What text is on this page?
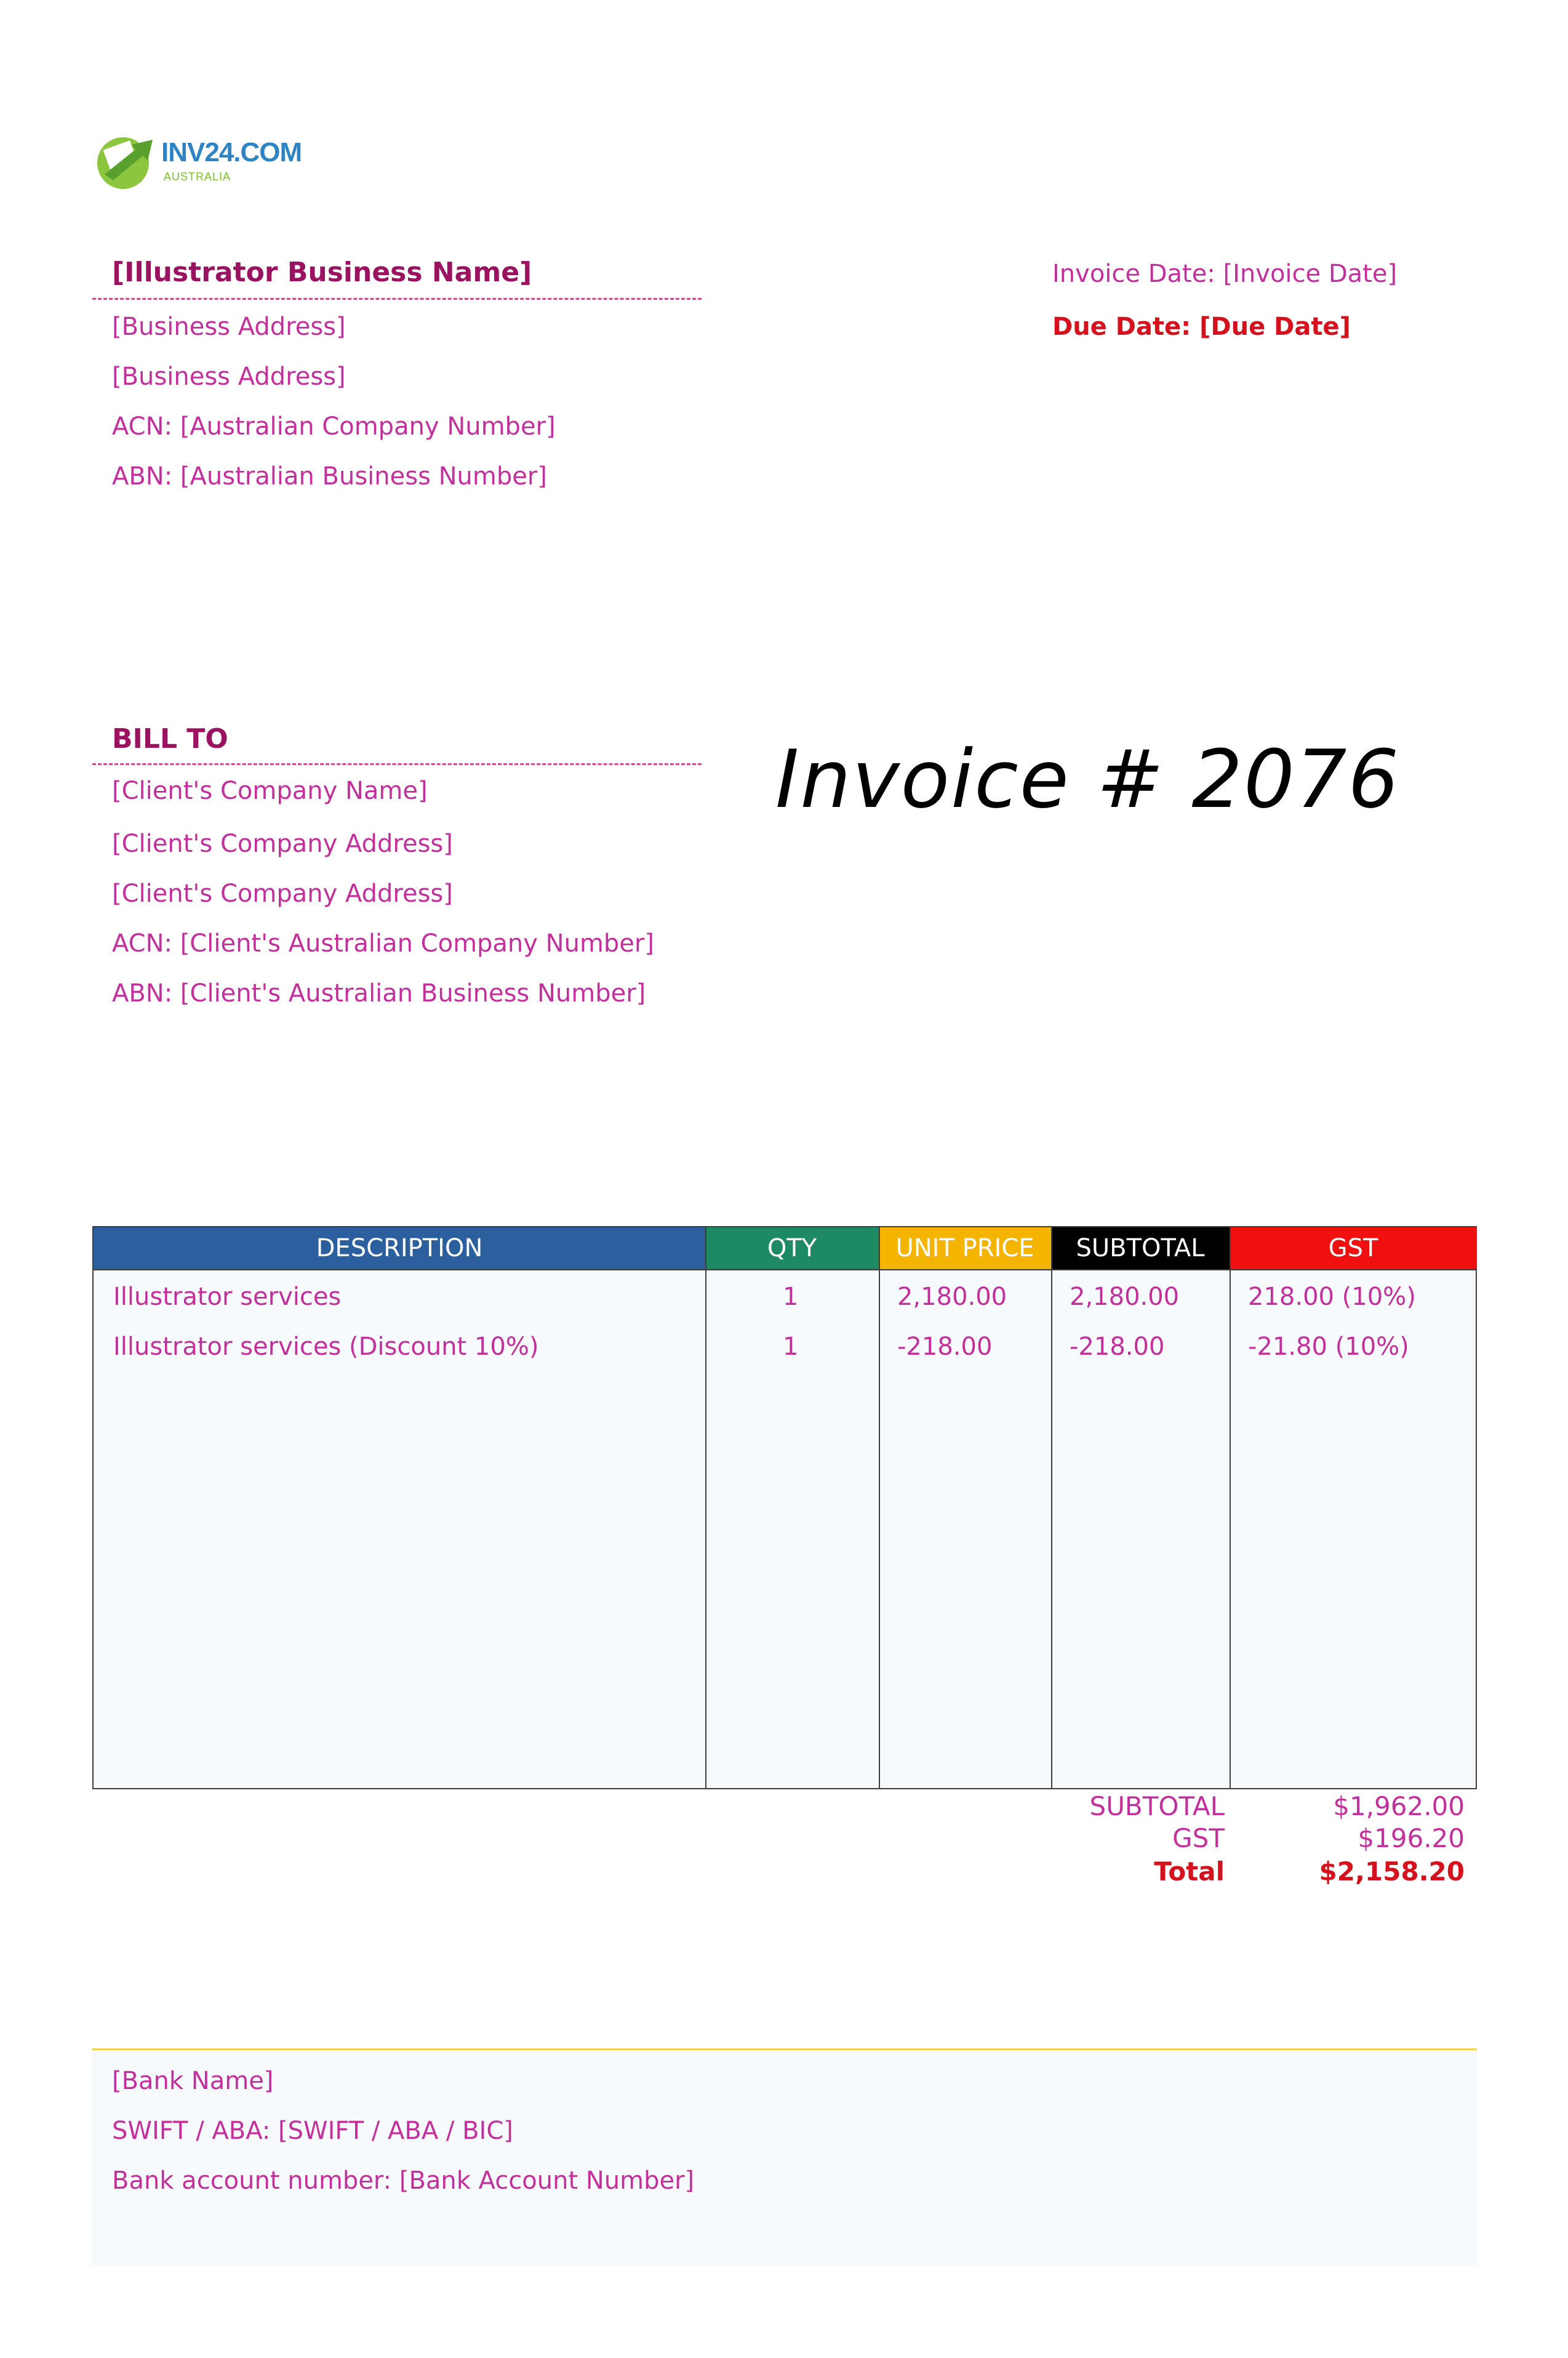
INV24.COM
AUSTRALIA
[Illustrator Business Name]
[Business Address]
[Business Address]
ACN: [Australian Company Number]
ABN: [Australian Business Number]
Invoice Date: [Invoice Date]
Due Date: [Due Date]
BILL TO
[Client's Company Name]
[Client's Company Address]
[Client's Company Address]
ACN: [Client's Australian Company Number]
ABN: [Client's Australian Business Number]
Invoice # 2076
DESCRIPTION	QTY	UNIT PRICE	SUBTOTAL	GST
Illustrator services	1	2,180.00	2,180.00	218.00 (10%)
Illustrator services (Discount 10%)	1	-218.00	-218.00	-21.80 (10%)
SUBTOTAL	$1,962.00
GST	$196.20
Total	$2,158.20
[Bank Name]
SWIFT / ABA: [SWIFT / ABA / BIC]
Bank account number: [Bank Account Number]
